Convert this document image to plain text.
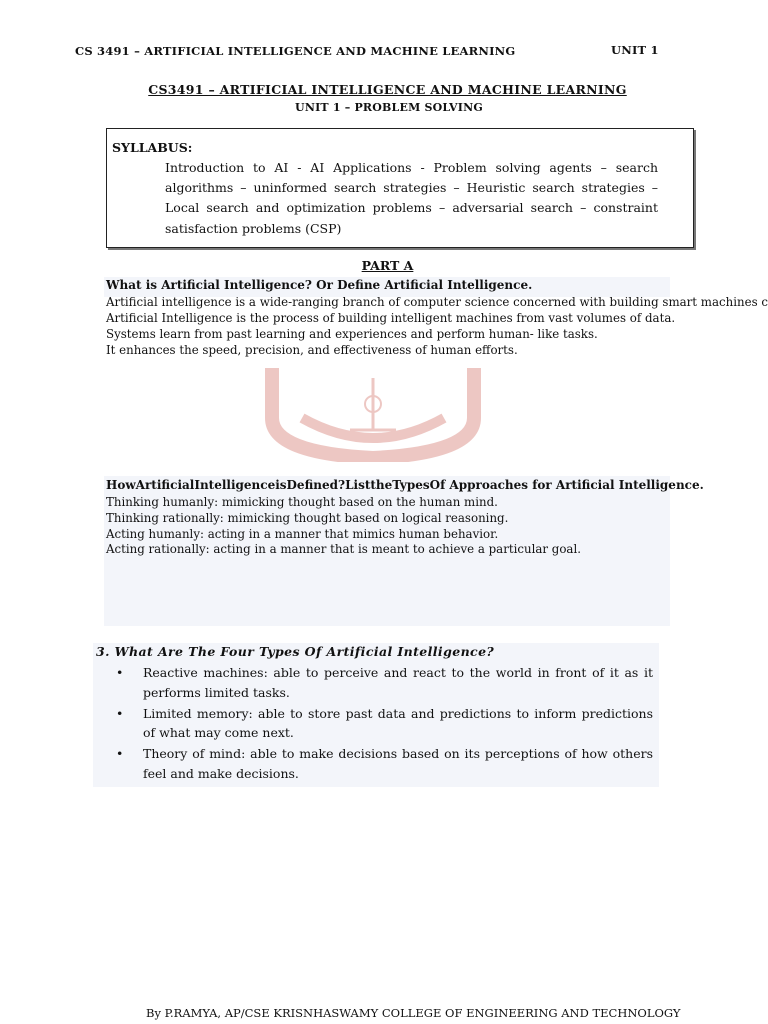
CS 3491 – ARTIFICIAL INTELLIGENCE AND MACHINE LEARNING	UNIT 1
CS3491 – ARTIFICIAL INTELLIGENCE AND MACHINE LEARNING
UNIT 1 – PROBLEM SOLVING
SYLLABUS:
Introduction to AI - AI Applications - Problem solving agents – search algorithms – uninformed search strategies – Heuristic search strategies – Local search and optimization problems – adversarial search – constraint satisfaction problems (CSP)
PART A
What is Artificial Intelligence? Or Define Artificial Intelligence.
Artificial intelligence is a wide-ranging branch of computer science concerned with building smart machines c
Artificial Intelligence is the process of building intelligent machines from vast volumes of data.
Systems learn from past learning and experiences and perform human- like tasks.
It enhances the speed, precision, and effectiveness of human efforts.
HowArtificialIntelligenceisDefined?ListtheTypesOf Approaches for Artificial Intelligence.
Thinking humanly: mimicking thought based on the human mind.
Thinking rationally: mimicking thought based on logical reasoning.
Acting humanly: acting in a manner that mimics human behavior.
Acting rationally: acting in a manner that is meant to achieve a particular goal.
3. What Are The Four Types Of Artificial Intelligence?
• Reactive machines: able to perceive and react to the world in front of it as it performs limited tasks.
• Limited memory: able to store past data and predictions to inform predictions of what may come next.
• Theory of mind: able to make decisions based on its perceptions of how others feel and make decisions.
By P.RAMYA, AP/CSE KRISNHASWAMY COLLEGE OF ENGINEERING AND TECHNOLOGY
